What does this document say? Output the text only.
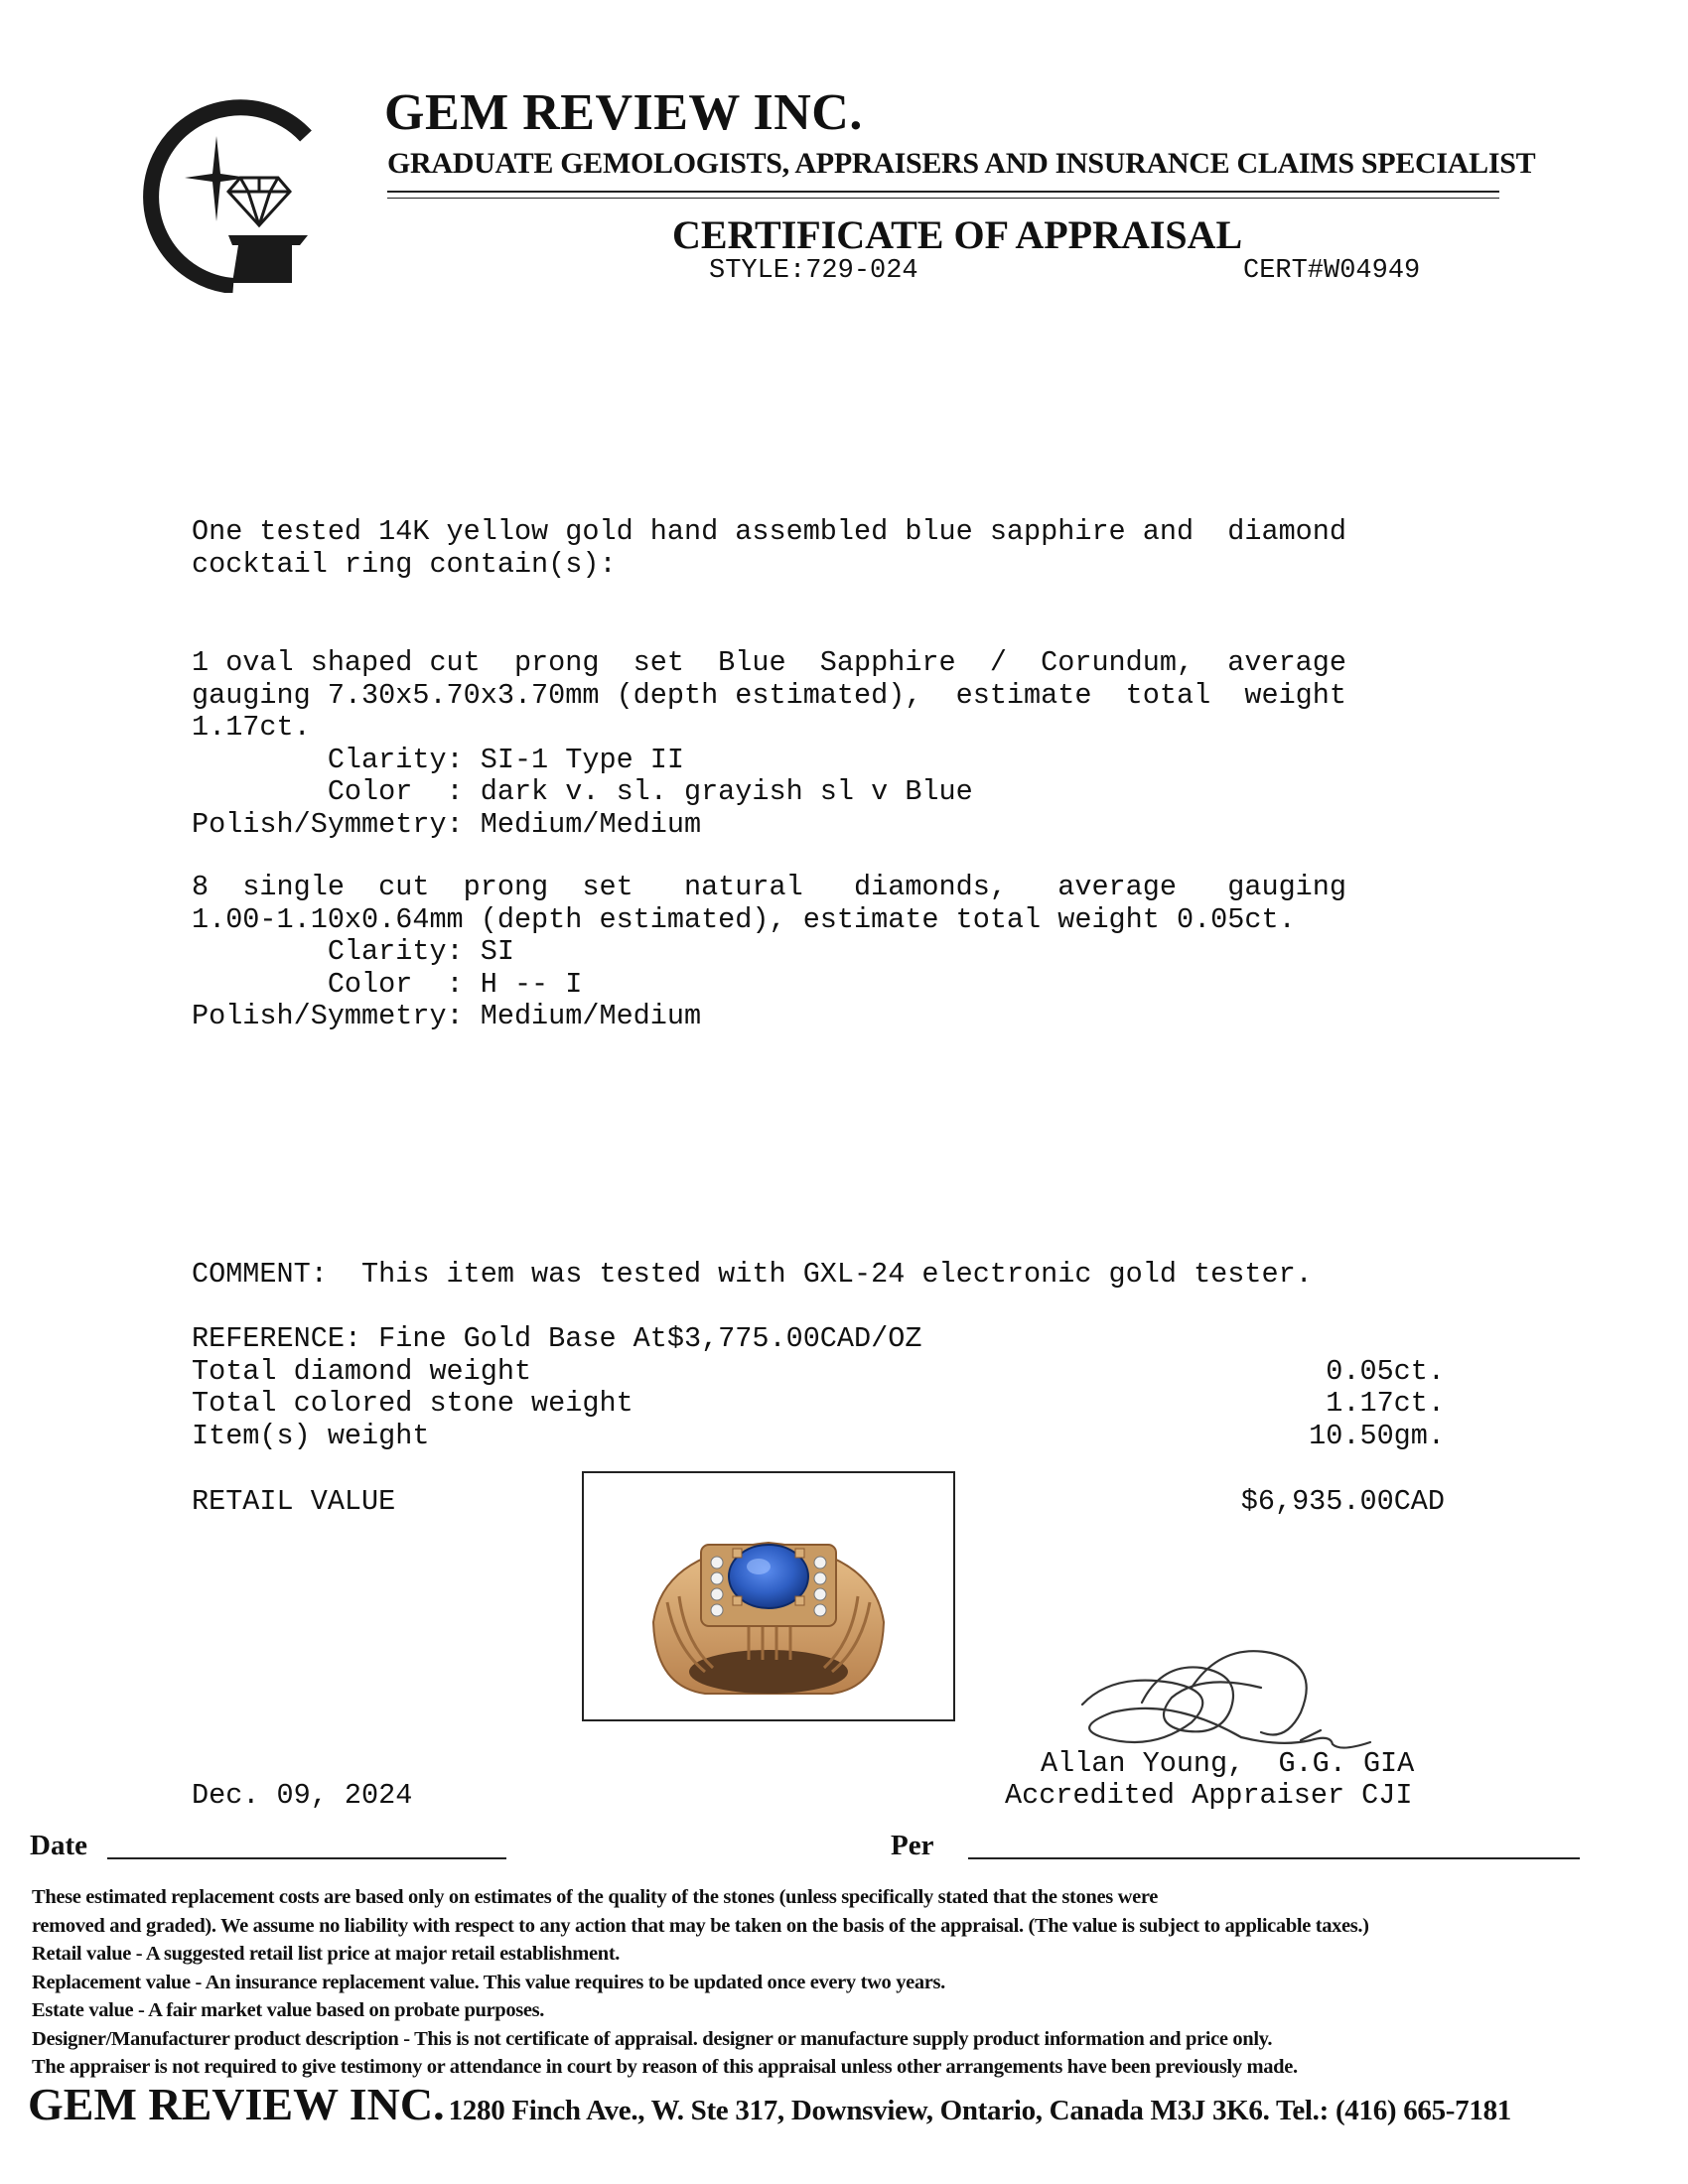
GEM REVIEW INC.
GRADUATE GEMOLOGISTS, APPRAISERS AND INSURANCE CLAIMS SPECIALIST
CERTIFICATE OF APPRAISAL
STYLE:729-024	CERT#W04949
One tested 14K yellow gold hand assembled blue sapphire and  diamond
cocktail ring contain(s):
1 oval shaped cut  prong  set  Blue  Sapphire  /  Corundum,  average
gauging 7.30x5.70x3.70mm (depth estimated),  estimate  total  weight
1.17ct.
Clarity: SI-1 Type II
Color  : dark v. sl. grayish sl v Blue
Polish/Symmetry: Medium/Medium
8  single  cut  prong  set   natural   diamonds,   average   gauging
1.00-1.10x0.64mm (depth estimated), estimate total weight 0.05ct.
Clarity: SI
Color  : H -- I
Polish/Symmetry: Medium/Medium
COMMENT:  This item was tested with GXL-24 electronic gold tester.
REFERENCE: Fine Gold Base At$3,775.00CAD/OZ
Total diamond weight	0.05ct.
Total colored stone weight	1.17ct.
Item(s) weight	10.50gm.
RETAIL VALUE	$6,935.00CAD
Allan Young,  G.G. GIA
Accredited Appraiser CJI
Dec. 09, 2024
Date	Per
These estimated replacement costs are based only on estimates of the quality of the stones (unless specifically stated that the stones were
removed and graded). We assume no liability with respect to any action that may be taken on the basis of the appraisal. (The value is subject to applicable taxes.)
Retail value - A suggested retail list price at major retail establishment.
Replacement value - An insurance replacement value. This value requires to be updated once every two years.
Estate value - A fair market value based on probate purposes.
Designer/Manufacturer product description - This is not certificate of appraisal. designer or manufacture supply product information and price only.
The appraiser is not required to give testimony or attendance in court by reason of this appraisal unless other arrangements have been previously made.
GEM REVIEW INC. 1280 Finch Ave., W. Ste 317, Downsview, Ontario, Canada M3J 3K6. Tel.: (416) 665-7181
